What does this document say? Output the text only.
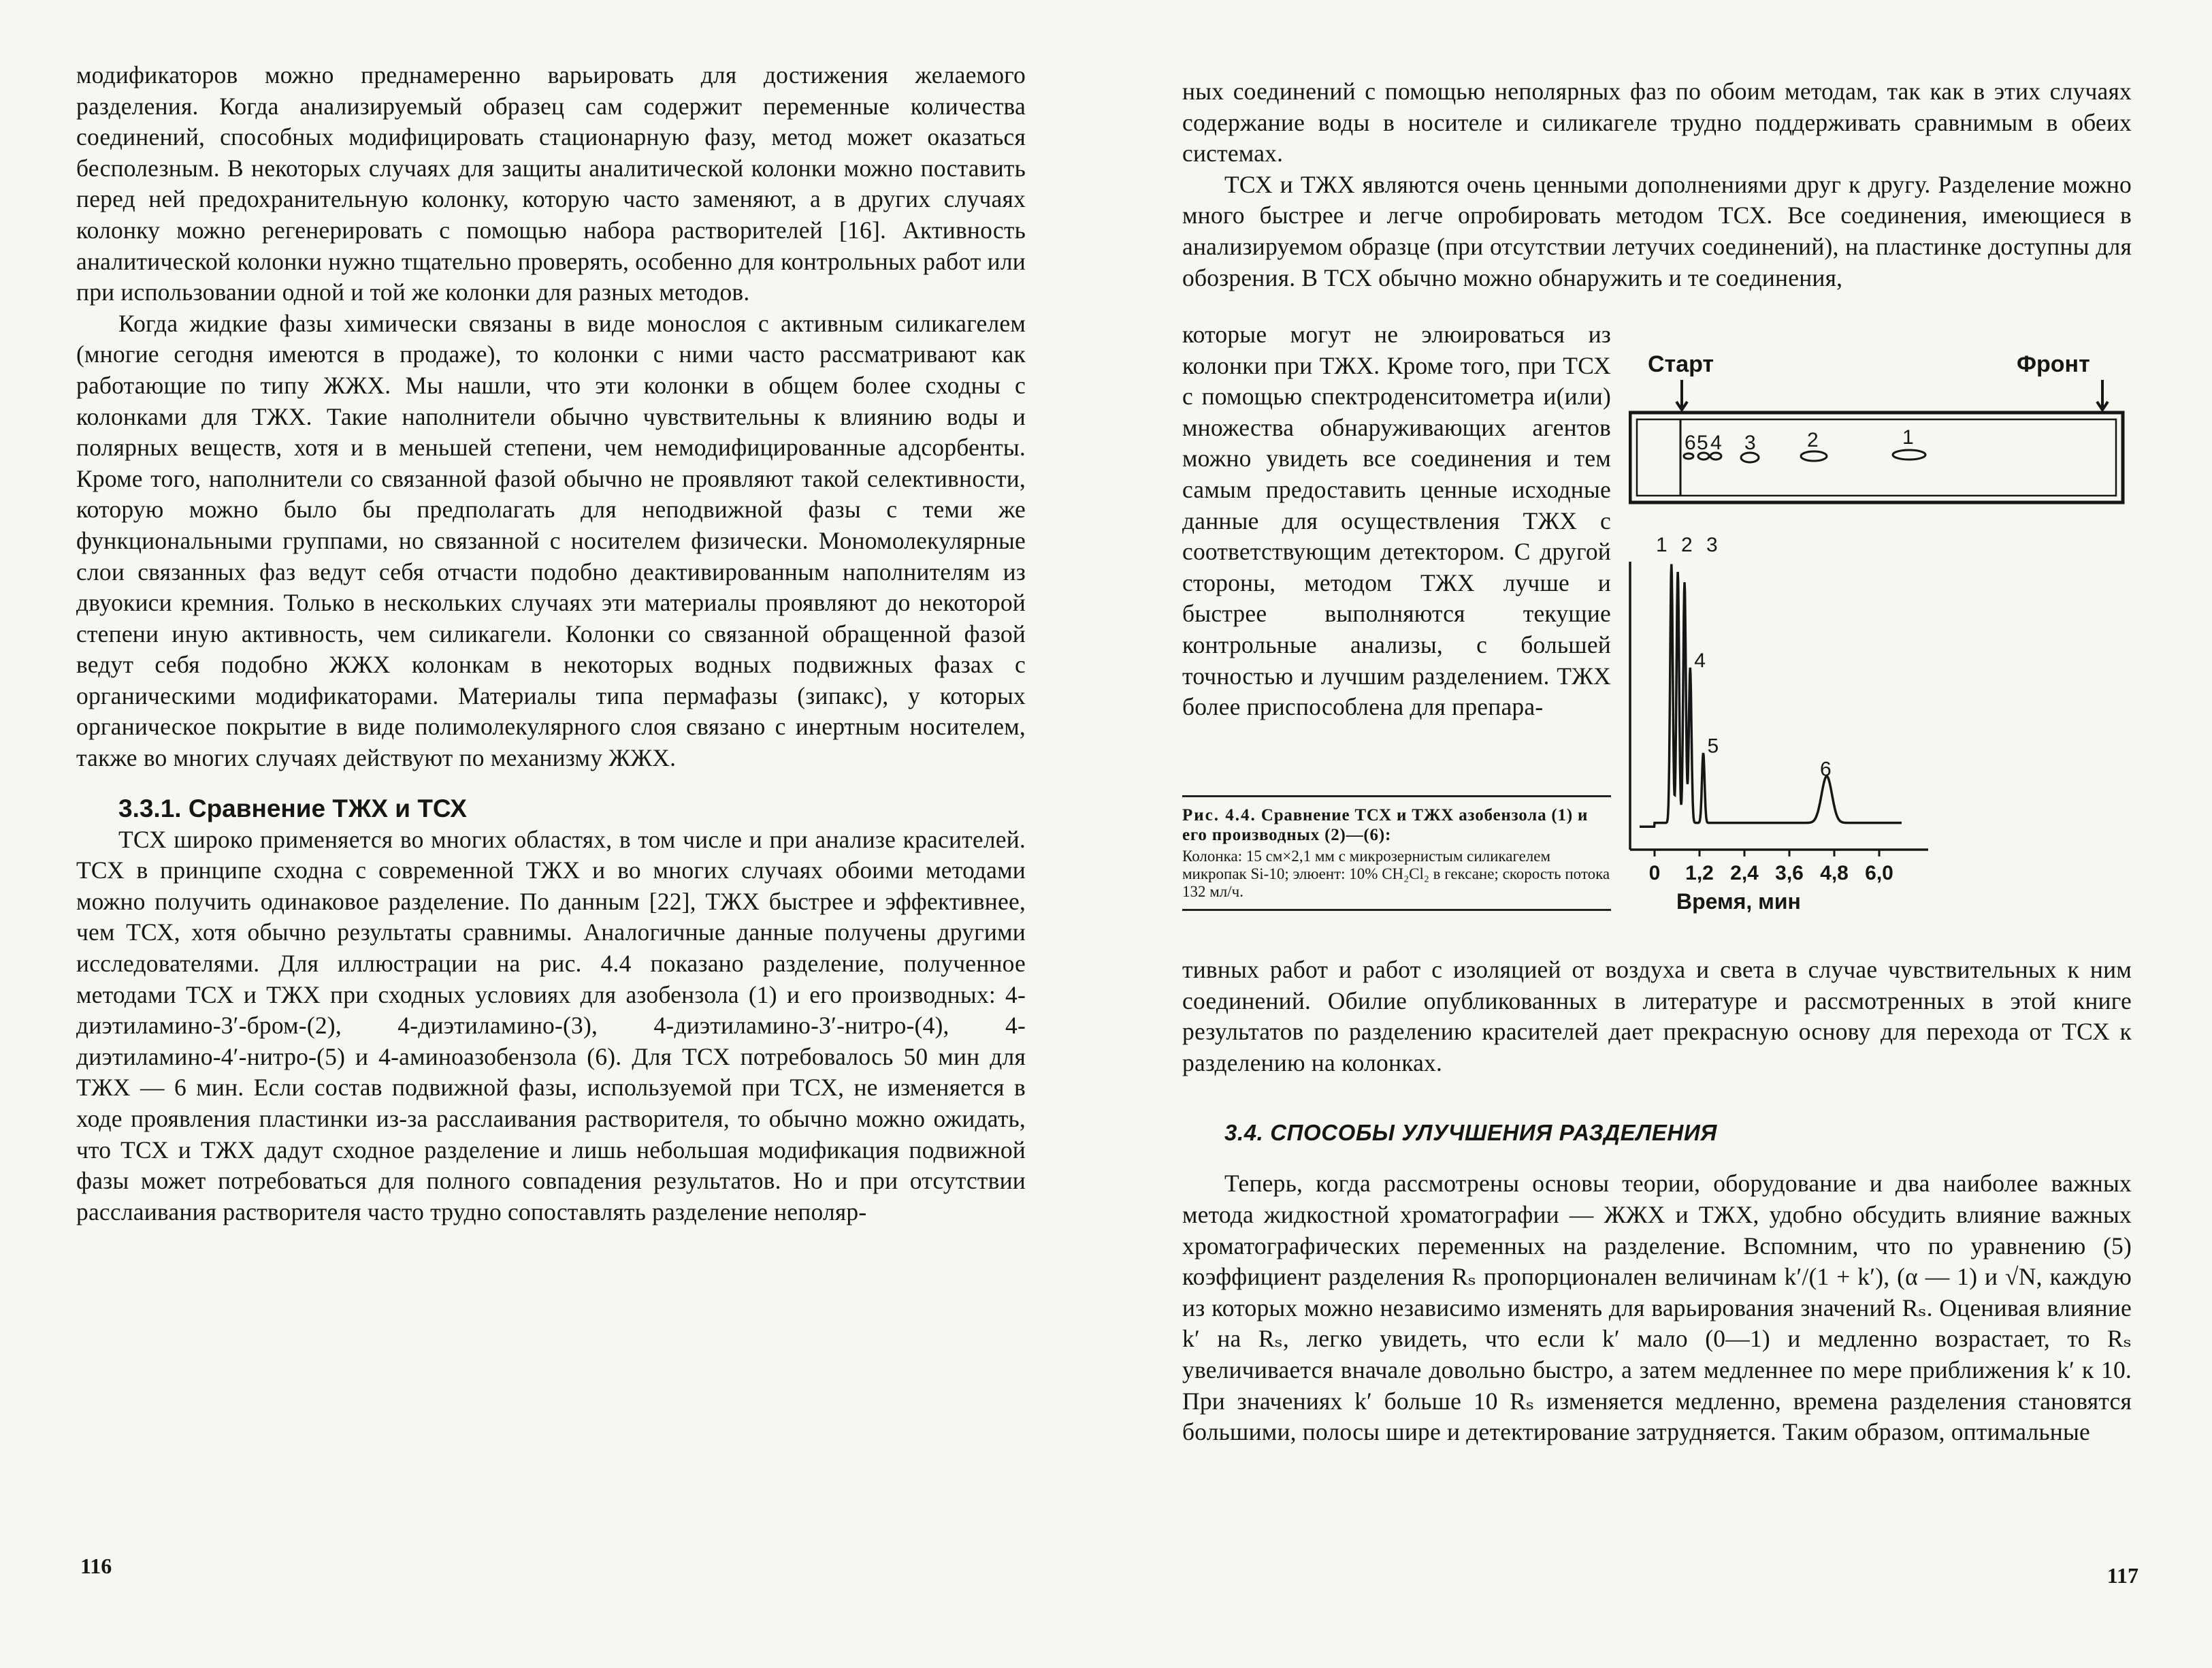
модификаторов можно преднамеренно варьировать для достижения желаемого разделения. Когда анализируемый образец сам содержит переменные количества соединений, способных модифицировать стационарную фазу, метод может оказаться бесполезным. В некоторых случаях для защиты аналитической колонки можно поставить перед ней предохранительную колонку, которую часто заменяют, а в других случаях колонку можно регенерировать с помощью набора растворителей [16]. Активность аналитической колонки нужно тщательно проверять, особенно для контрольных работ или при использовании одной и той же колонки для разных методов.

Когда жидкие фазы химически связаны в виде монослоя с активным силикагелем (многие сегодня имеются в продаже), то колонки с ними часто рассматривают как работающие по типу ЖЖХ. Мы нашли, что эти колонки в общем более сходны с колонками для ТЖХ. Такие наполнители обычно чувствительны к влиянию воды и полярных веществ, хотя и в меньшей степени, чем немодифицированные адсорбенты. Кроме того, наполнители со связанной фазой обычно не проявляют такой селективности, которую можно было бы предполагать для неподвижной фазы с теми же функциональными группами, но связанной с носителем физически. Мономолекулярные слои связанных фаз ведут себя отчасти подобно деактивированным наполнителям из двуокиси кремния. Только в нескольких случаях эти материалы проявляют до некоторой степени иную активность, чем силикагели. Колонки со связанной обращенной фазой ведут себя подобно ЖЖХ колонкам в некоторых водных подвижных фазах с органическими модификаторами. Материалы типа пермафазы (зипакс), у которых органическое покрытие в виде полимолекулярного слоя связано с инертным носителем, также во многих случаях действуют по механизму ЖЖХ.

3.3.1. Сравнение ТЖХ и ТСХ

ТСХ широко применяется во многих областях, в том числе и при анализе красителей. ТСХ в принципе сходна с современной ТЖХ и во многих случаях обоими методами можно получить одинаковое разделение. По данным [22], ТЖХ быстрее и эффективнее, чем ТСХ, хотя обычно результаты сравнимы. Аналогичные данные получены другими исследователями. Для иллюстрации на рис. 4.4 показано разделение, полученное методами ТСХ и ТЖХ при сходных условиях для азобензола (1) и его производных: 4-диэтиламино-3′-бром-(2), 4-диэтиламино-(3), 4-диэтиламино-3′-нитро-(4), 4-диэтиламино-4′-нитро-(5) и 4-аминоазобензола (6). Для ТСХ потребовалось 50 мин для ТЖХ — 6 мин. Если состав подвижной фазы, используемой при ТСХ, не изменяется в ходе проявления пластинки из-за расслаивания растворителя, то обычно можно ожидать, что ТСХ и ТЖХ дадут сходное разделение и лишь небольшая модификация подвижной фазы может потребоваться для полного совпадения результатов. Но и при отсутствии расслаивания растворителя часто трудно сопоставлять разделение неполяр-

116

ных соединений с помощью неполярных фаз по обоим методам, так как в этих случаях содержание воды в носителе и силикагеле трудно поддерживать сравнимым в обеих системах.

ТСХ и ТЖХ являются очень ценными дополнениями друг к другу. Разделение можно много быстрее и легче опробировать методом ТСХ. Все соединения, имеющиеся в анализируемом образце (при отсутствии летучих соединений), на пластинке доступны для обозрения. В ТСХ обычно можно обнаружить и те соединения,

которые могут не элюироваться из колонки при ТЖХ. Кроме того, при ТСХ с помощью спектроденситометра и(или) множества обнаруживающих агентов можно увидеть все соединения и тем самым предоставить ценные исходные данные для осуществления ТЖХ с соответствующим детектором. С другой стороны, методом ТЖХ лучше и быстрее выполняются текущие контрольные анализы, с большей точностью и лучшим разделением. ТЖХ более приспособлена для препара-

Рис. 4.4. Сравнение ТСХ и ТЖХ азобензола (1) и его производных (2)—(6):
Колонка: 15 см×2,1 мм с микрозернистым силикагелем микропак Si-10; элюент: 10% CH₂Cl₂ в гексане; скорость потока 132 мл/ч.
Старт	Фронт
6 5 4 3	2	1
1 2 3
4
5
6
0 1,2 2,4 3,6 4,8 6,0
Время, мин

тивных работ и работ с изоляцией от воздуха и света в случае чувствительных к ним соединений. Обилие опубликованных в литературе и рассмотренных в этой книге результатов по разделению красителей дает прекрасную основу для перехода от ТСХ к разделению на колонках.

3.4. СПОСОБЫ УЛУЧШЕНИЯ РАЗДЕЛЕНИЯ

Теперь, когда рассмотрены основы теории, оборудование и два наиболее важных метода жидкостной хроматографии — ЖЖХ и ТЖХ, удобно обсудить влияние важных хроматографических переменных на разделение. Вспомним, что по уравнению (5) коэффициент разделения Rₛ пропорционален величинам k′/(1 + k′), (α — 1) и √N, каждую из которых можно независимо изменять для варьирования значений Rₛ. Оценивая влияние k′ на Rₛ, легко увидеть, что если k′ мало (0—1) и медленно возрастает, то Rₛ увеличивается вначале довольно быстро, а затем медленнее по мере приближения k′ к 10. При значениях k′ больше 10 Rₛ изменяется медленно, времена разделения становятся большими, полосы шире и детектирование затрудняется. Таким образом, оптимальные

117
